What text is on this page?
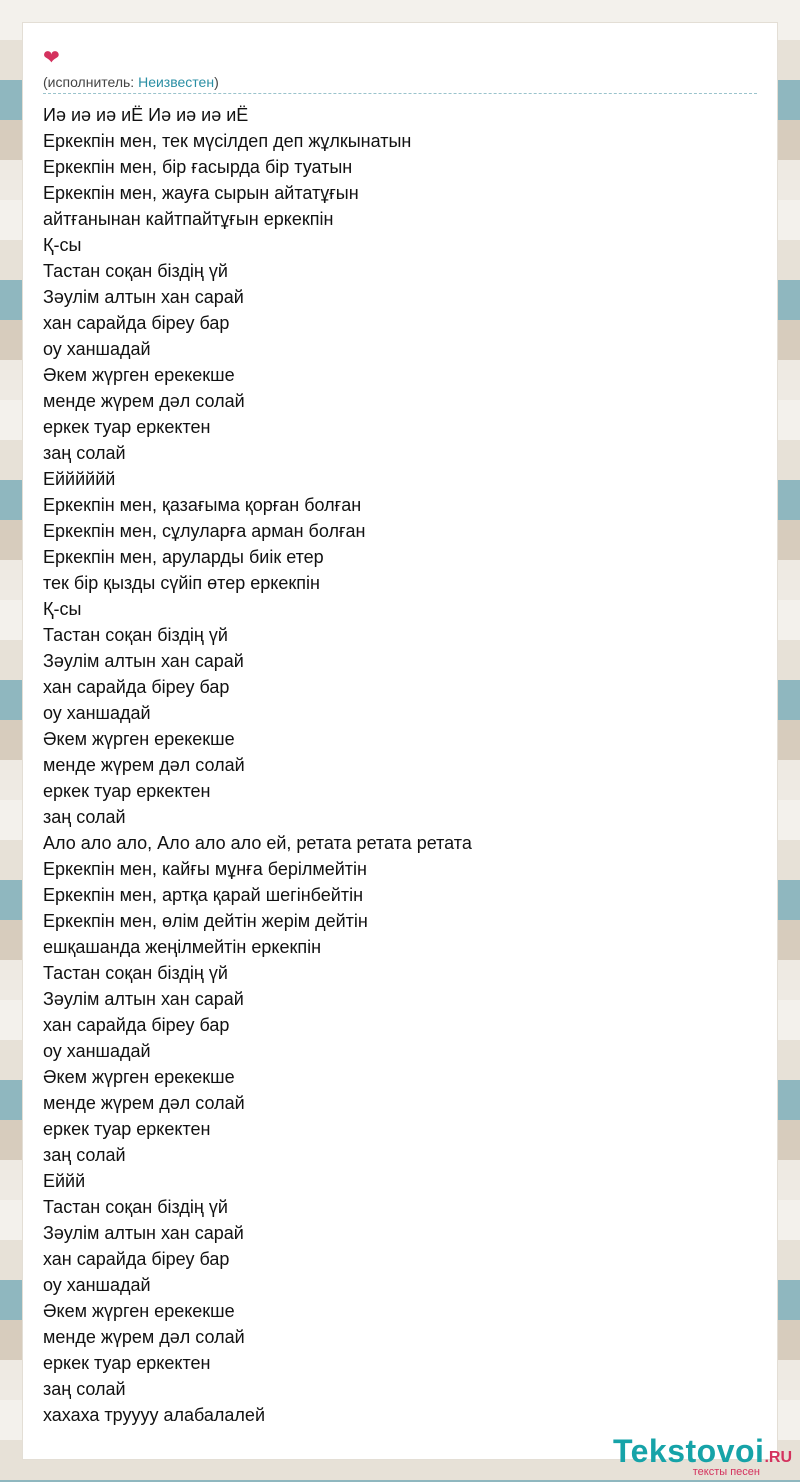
❤
(исполнитель: Неизвестен)
Иә иә иә иЁ Иә иә иә иЁ
Еркекпін мен, тек мүсілдеп деп жұлкынатын
Еркекпін мен, бір ғасырда бір туатын
Еркекпін мен, жауға сырын айтатұғын
айтғанынан кайтпайтұғын еркекпін
Қ-сы
Тастан соқан біздің үй
Зәулім алтын хан сарай
хан сарайда біреу бар
оу ханшадай
Әкем жүрген ерекекше
менде жүрем дәл солай
еркек туар еркектен
заң солай
Ейййййй
Еркекпін мен, қазағыма қорған болған
Еркекпін мен, сұлуларға арман болған
Еркекпін мен, аруларды биік етер
тек бір қызды сүйіп өтер еркекпін
Қ-сы
Тастан соқан біздің үй
Зәулім алтын хан сарай
хан сарайда біреу бар
оу ханшадай
Әкем жүрген ерекекше
менде жүрем дәл солай
еркек туар еркектен
заң солай
Ало ало ало, Ало ало ало ей, ретата ретата ретата
Еркекпін мен, кайғы мұнға берілмейтін
Еркекпін мен, артқа қарай шегінбейтін
Еркекпін мен, өлім дейтін жерім дейтін
ешқашанда жеңілмейтін еркекпін
Тастан соқан біздің үй
Зәулім алтын хан сарай
хан сарайда біреу бар
оу ханшадай
Әкем жүрген ерекекше
менде жүрем дәл солай
еркек туар еркектен
заң солай
Еййй
Тастан соқан біздің үй
Зәулім алтын хан сарай
хан сарайда біреу бар
оу ханшадай
Әкем жүрген ерекекше
менде жүрем дәл солай
еркек туар еркектен
заң солай
хахаха труууу алабалалей
Tekstovoi.RU
тексты песен
